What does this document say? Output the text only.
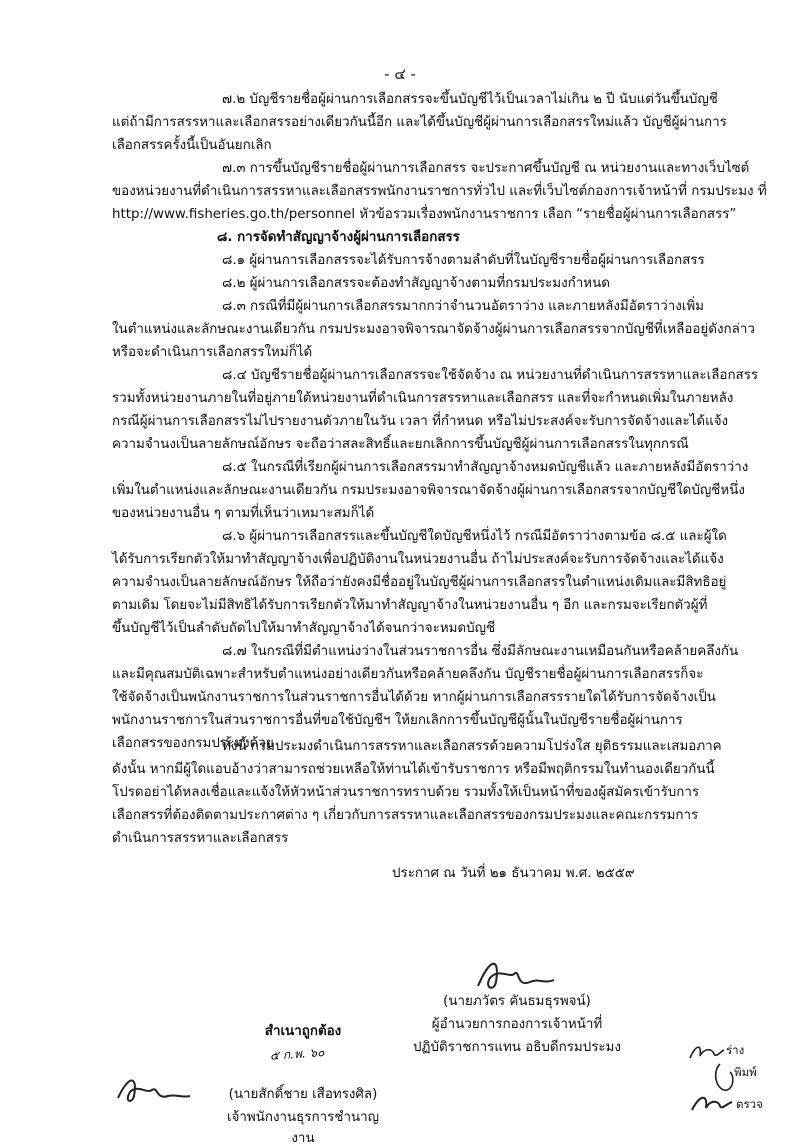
- ๔ -
๗.๒ บัญชีรายชื่อผู้ผ่านการเลือกสรรจะขึ้นบัญชีไว้เป็นเวลาไม่เกิน ๒ ปี นับแต่วันขึ้นบัญชี
แต่ถ้ามีการสรรหาและเลือกสรรอย่างเดียวกันนี้อีก และได้ขึ้นบัญชีผู้ผ่านการเลือกสรรใหม่แล้ว บัญชีผู้ผ่านการ
เลือกสรรครั้งนี้เป็นอันยกเลิก
๗.๓ การขึ้นบัญชีรายชื่อผู้ผ่านการเลือกสรร จะประกาศขึ้นบัญชี ณ หน่วยงานและทางเว็บไซต์
ของหน่วยงานที่ดำเนินการสรรหาและเลือกสรรพนักงานราชการทั่วไป และที่เว็บไซต์กองการเจ้าหน้าที่ กรมประมง ที่
http://www.fisheries.go.th/personnel หัวข้อรวมเรื่องพนักงานราชการ เลือก “รายชื่อผู้ผ่านการเลือกสรร”
๘. การจัดทำสัญญาจ้างผู้ผ่านการเลือกสรร
๘.๑ ผู้ผ่านการเลือกสรรจะได้รับการจ้างตามลำดับที่ในบัญชีรายชื่อผู้ผ่านการเลือกสรร
๘.๒ ผู้ผ่านการเลือกสรรจะต้องทำสัญญาจ้างตามที่กรมประมงกำหนด
๘.๓ กรณีที่มีผู้ผ่านการเลือกสรรมากกว่าจำนวนอัตราว่าง และภายหลังมีอัตราว่างเพิ่ม
ในตำแหน่งและลักษณะงานเดียวกัน กรมประมงอาจพิจารณาจัดจ้างผู้ผ่านการเลือกสรรจากบัญชีที่เหลืออยู่ดังกล่าว
หรือจะดำเนินการเลือกสรรใหม่ก็ได้
๘.๔ บัญชีรายชื่อผู้ผ่านการเลือกสรรจะใช้จัดจ้าง ณ หน่วยงานที่ดำเนินการสรรหาและเลือกสรร
รวมทั้งหน่วยงานภายในที่อยู่ภายใต้หน่วยงานที่ดำเนินการสรรหาและเลือกสรร และที่จะกำหนดเพิ่มในภายหลัง
กรณีผู้ผ่านการเลือกสรรไม่ไปรายงานตัวภายในวัน เวลา ที่กำหนด หรือไม่ประสงค์จะรับการจัดจ้างและได้แจ้ง
ความจำนงเป็นลายลักษณ์อักษร จะถือว่าสละสิทธิ์และยกเลิกการขึ้นบัญชีผู้ผ่านการเลือกสรรในทุกกรณี
๘.๕ ในกรณีที่เรียกผู้ผ่านการเลือกสรรมาทำสัญญาจ้างหมดบัญชีแล้ว และภายหลังมีอัตราว่าง
เพิ่มในตำแหน่งและลักษณะงานเดียวกัน กรมประมงอาจพิจารณาจัดจ้างผู้ผ่านการเลือกสรรจากบัญชีใดบัญชีหนึ่ง
ของหน่วยงานอื่น ๆ ตามที่เห็นว่าเหมาะสมก็ได้
๘.๖ ผู้ผ่านการเลือกสรรและขึ้นบัญชีใดบัญชีหนึ่งไว้ กรณีมีอัตราว่างตามข้อ ๘.๕ และผู้ใด
ได้รับการเรียกตัวให้มาทำสัญญาจ้างเพื่อปฏิบัติงานในหน่วยงานอื่น ถ้าไม่ประสงค์จะรับการจัดจ้างและได้แจ้ง
ความจำนงเป็นลายลักษณ์อักษร ให้ถือว่ายังคงมีชื่ออยู่ในบัญชีผู้ผ่านการเลือกสรรในตำแหน่งเดิมและมีสิทธิอยู่
ตามเดิม โดยจะไม่มีสิทธิได้รับการเรียกตัวให้มาทำสัญญาจ้างในหน่วยงานอื่น ๆ อีก และกรมจะเรียกตัวผู้ที่
ขึ้นบัญชีไว้เป็นลำดับถัดไปให้มาทำสัญญาจ้างได้จนกว่าจะหมดบัญชี
๘.๗ ในกรณีที่มีตำแหน่งว่างในส่วนราชการอื่น ซึ่งมีลักษณะงานเหมือนกันหรือคล้ายคลึงกัน
และมีคุณสมบัติเฉพาะสำหรับตำแหน่งอย่างเดียวกันหรือคล้ายคลึงกัน บัญชีรายชื่อผู้ผ่านการเลือกสรรก็จะ
ใช้จัดจ้างเป็นพนักงานราชการในส่วนราชการอื่นได้ด้วย หากผู้ผ่านการเลือกสรรรายใดได้รับการจัดจ้างเป็น
พนักงานราชการในส่วนราชการอื่นที่ขอใช้บัญชีฯ ให้ยกเลิกการขึ้นบัญชีผู้นั้นในบัญชีรายชื่อผู้ผ่านการ
เลือกสรรของกรมประมงด้วย
ทั้งนี้ กรมประมงดำเนินการสรรหาและเลือกสรรด้วยความโปร่งใส ยุติธรรมและเสมอภาค
ดังนั้น หากมีผู้ใดแอบอ้างว่าสามารถช่วยเหลือให้ท่านได้เข้ารับราชการ หรือมีพฤติกรรมในทำนองเดียวกันนี้
โปรดอย่าได้หลงเชื่อและแจ้งให้หัวหน้าส่วนราชการทราบด้วย รวมทั้งให้เป็นหน้าที่ของผู้สมัครเข้ารับการ
เลือกสรรที่ต้องติดตามประกาศต่าง ๆ เกี่ยวกับการสรรหาและเลือกสรรของกรมประมงและคณะกรรมการ
ดำเนินการสรรหาและเลือกสรร
ประกาศ ณ วันที่ ๒๑ ธันวาคม พ.ศ. ๒๕๕๙
(นายภวัตร คันธมธุรพจน์)
ผู้อำนวยการกองการเจ้าหน้าที่
ปฏิบัติราชการแทน อธิบดีกรมประมง
สำเนาถูกต้อง
๕ ก.พ. ๖๐
(นายสักดิ์ชาย เสือทรงศิล)
เจ้าพนักงานธุรการชำนาญงาน
ร่าง
พิมพ์
ตรวจ
